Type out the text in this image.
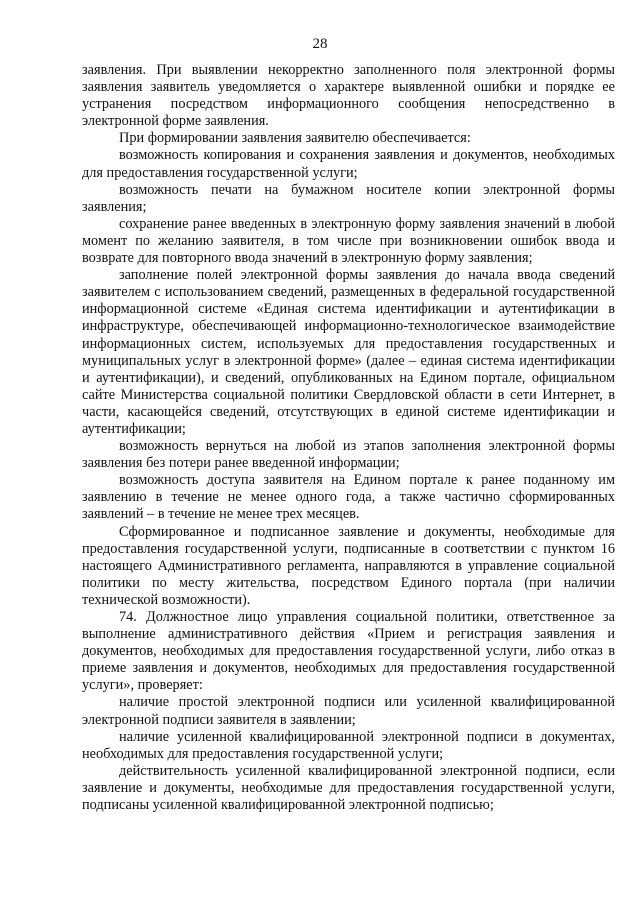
28

заявления. При выявлении некорректно заполненного поля электронной формы заявления заявитель уведомляется о характере выявленной ошибки и порядке ее устранения посредством информационного сообщения непосредственно в электронной форме заявления.

При формировании заявления заявителю обеспечивается:

возможность копирования и сохранения заявления и документов, необходимых для предоставления государственной услуги;

возможность печати на бумажном носителе копии электронной формы заявления;

сохранение ранее введенных в электронную форму заявления значений в любой момент по желанию заявителя, в том числе при возникновении ошибок ввода и возврате для повторного ввода значений в электронную форму заявления;

заполнение полей электронной формы заявления до начала ввода сведений заявителем с использованием сведений, размещенных в федеральной государственной информационной системе «Единая система идентификации и аутентификации в инфраструктуре, обеспечивающей информационно-технологическое взаимодействие информационных систем, используемых для предоставления государственных и муниципальных услуг в электронной форме» (далее – единая система идентификации и аутентификации), и сведений, опубликованных на Едином портале, официальном сайте Министерства социальной политики Свердловской области в сети Интернет, в части, касающейся сведений, отсутствующих в единой системе идентификации и аутентификации;

возможность вернуться на любой из этапов заполнения электронной формы заявления без потери ранее введенной информации;

возможность доступа заявителя на Едином портале к ранее поданному им заявлению в течение не менее одного года, а также частично сформированных заявлений – в течение не менее трех месяцев.

Сформированное и подписанное заявление и документы, необходимые для предоставления государственной услуги, подписанные в соответствии с пунктом 16 настоящего Административного регламента, направляются в управление социальной политики по месту жительства, посредством Единого портала (при наличии технической возможности).

74. Должностное лицо управления социальной политики, ответственное за выполнение административного действия «Прием и регистрация заявления и документов, необходимых для предоставления государственной услуги, либо отказ в приеме заявления и документов, необходимых для предоставления государственной услуги», проверяет:

наличие простой электронной подписи или усиленной квалифицированной электронной подписи заявителя в заявлении;

наличие усиленной квалифицированной электронной подписи в документах, необходимых для предоставления государственной услуги;

действительность усиленной квалифицированной электронной подписи, если заявление и документы, необходимые для предоставления государственной услуги, подписаны усиленной квалифицированной электронной подписью;
